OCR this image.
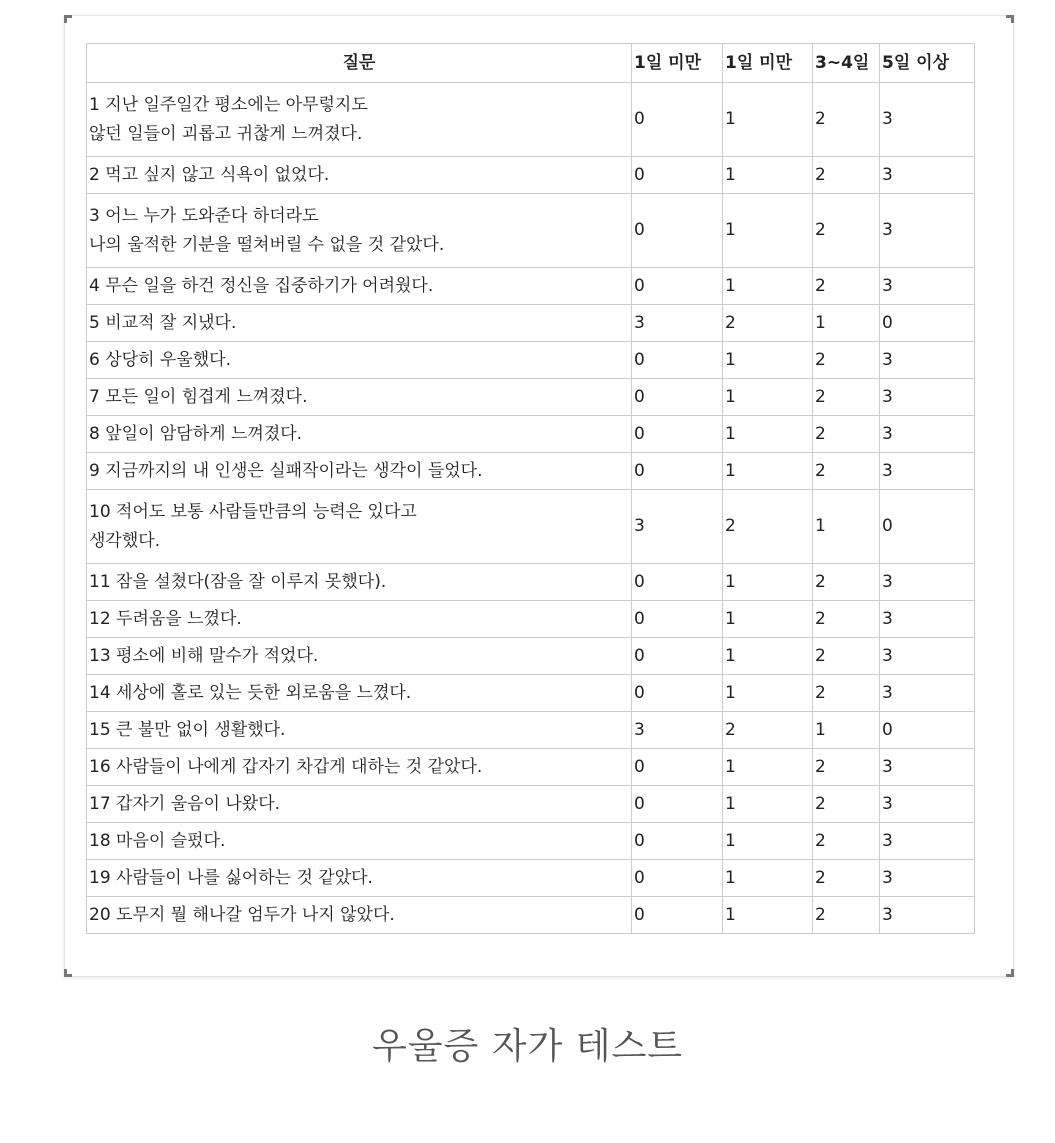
질문	1일 미만	1일 미만	3~4일	5일 이상
1 지난 일주일간 평소에는 아무렇지도
않던 일들이 괴롭고 귀찮게 느껴졌다.	0	1	2	3
2 먹고 싶지 않고 식욕이 없었다.	0	1	2	3
3 어느 누가 도와준다 하더라도
나의 울적한 기분을 떨쳐버릴 수 없을 것 같았다.	0	1	2	3
4 무슨 일을 하건 정신을 집중하기가 어려웠다.	0	1	2	3
5 비교적 잘 지냈다.	3	2	1	0
6 상당히 우울했다.	0	1	2	3
7 모든 일이 힘겹게 느껴졌다.	0	1	2	3
8 앞일이 암담하게 느껴졌다.	0	1	2	3
9 지금까지의 내 인생은 실패작이라는 생각이 들었다.	0	1	2	3
10 적어도 보통 사람들만큼의 능력은 있다고
생각했다.	3	2	1	0
11 잠을 설쳤다(잠을 잘 이루지 못했다).	0	1	2	3
12 두려움을 느꼈다.	0	1	2	3
13 평소에 비해 말수가 적었다.	0	1	2	3
14 세상에 홀로 있는 듯한 외로움을 느꼈다.	0	1	2	3
15 큰 불만 없이 생활했다.	3	2	1	0
16 사람들이 나에게 갑자기 차갑게 대하는 것 같았다.	0	1	2	3
17 갑자기 울음이 나왔다.	0	1	2	3
18 마음이 슬펐다.	0	1	2	3
19 사람들이 나를 싫어하는 것 같았다.	0	1	2	3
20 도무지 뭘 해나갈 엄두가 나지 않았다.	0	1	2	3
우울증 자가 테스트
